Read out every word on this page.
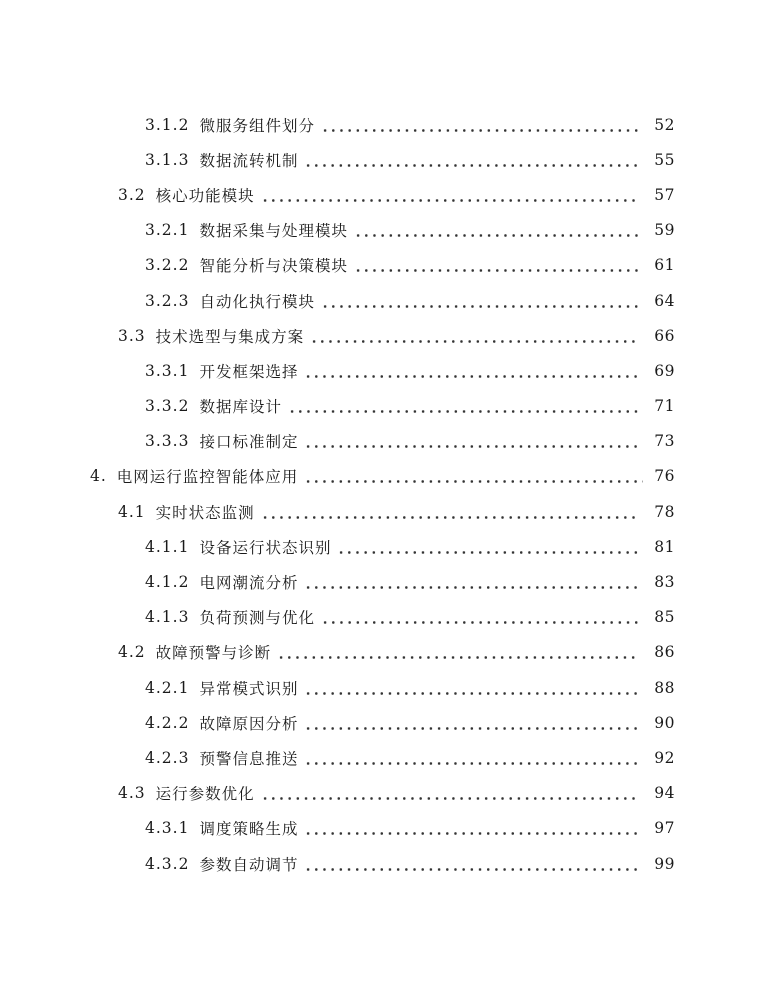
3.1.2 微服务组件划分	52
3.1.3 数据流转机制	55
3.2 核心功能模块	57
3.2.1 数据采集与处理模块	59
3.2.2 智能分析与决策模块	61
3.2.3 自动化执行模块	64
3.3 技术选型与集成方案	66
3.3.1 开发框架选择	69
3.3.2 数据库设计	71
3.3.3 接口标准制定	73
4. 电网运行监控智能体应用	76
4.1 实时状态监测	78
4.1.1 设备运行状态识别	81
4.1.2 电网潮流分析	83
4.1.3 负荷预测与优化	85
4.2 故障预警与诊断	86
4.2.1 异常模式识别	88
4.2.2 故障原因分析	90
4.2.3 预警信息推送	92
4.3 运行参数优化	94
4.3.1 调度策略生成	97
4.3.2 参数自动调节	99
